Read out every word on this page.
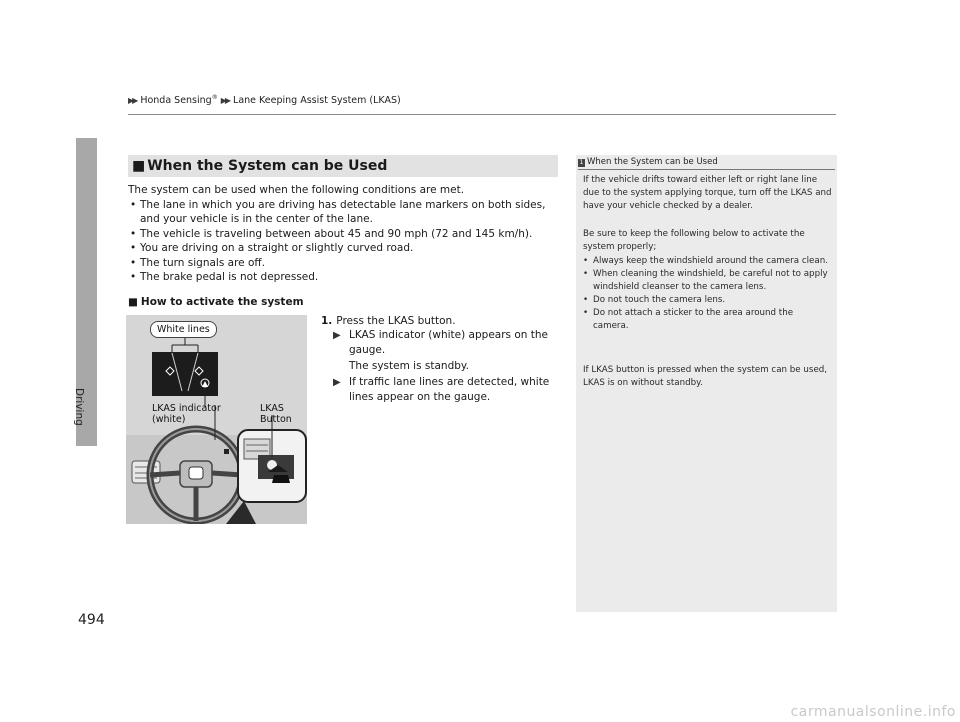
▶▶ Honda Sensing® ▶▶ Lane Keeping Assist System (LKAS)
Driving
494
■ When the System can be Used
The system can be used when the following conditions are met.
• The lane in which you are driving has detectable lane markers on both sides, and your vehicle is in the center of the lane.
• The vehicle is traveling between about 45 and 90 mph (72 and 145 km/h).
• You are driving on a straight or slightly curved road.
• The turn signals are off.
• The brake pedal is not depressed.
■ How to activate the system
1. Press the LKAS button.
▶ LKAS indicator (white) appears on the gauge.
The system is standby.
▶ If traffic lane lines are detected, white lines appear on the gauge.
White lines
LKAS indicator
(white)
LKAS
Button
1 When the System can be Used
If the vehicle drifts toward either left or right lane line due to the system applying torque, turn off the LKAS and have your vehicle checked by a dealer.
Be sure to keep the following below to activate the system properly;
• Always keep the windshield around the camera clean.
• When cleaning the windshield, be careful not to apply windshield cleanser to the camera lens.
• Do not touch the camera lens.
• Do not attach a sticker to the area around the camera.
If LKAS button is pressed when the system can be used, LKAS is on without standby.
carmanualsonline.info
